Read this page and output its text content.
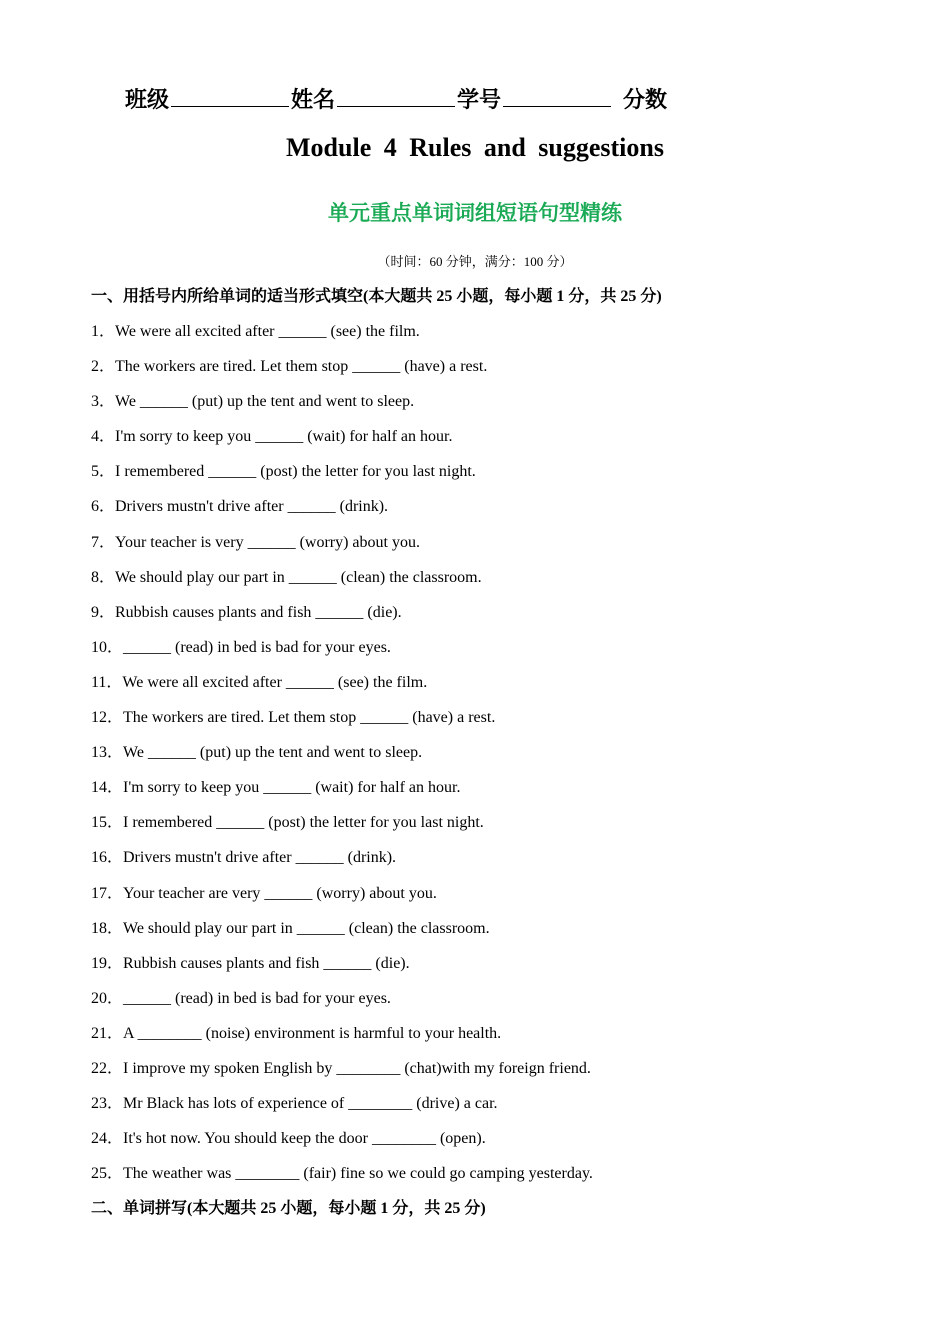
班级	姓名	学号	分数
Module 4 Rules and suggestions
单元重点单词词组短语句型精练
（时间：60 分钟，满分：100 分）
一、用括号内所给单词的适当形式填空(本大题共 25 小题，每小题 1 分，共 25 分)
1．We were all excited after ______ (see) the film.
2．The workers are tired. Let them stop ______ (have) a rest.
3．We ______ (put) up the tent and went to sleep.
4．I'm sorry to keep you ______ (wait) for half an hour.
5．I remembered ______ (post) the letter for you last night.
6．Drivers mustn't drive after ______ (drink).
7．Your teacher is very ______ (worry) about you.
8．We should play our part in ______ (clean) the classroom.
9．Rubbish causes plants and fish ______ (die).
10．______ (read) in bed is bad for your eyes.
11．We were all excited after ______ (see) the film.
12．The workers are tired. Let them stop ______ (have) a rest.
13．We ______ (put) up the tent and went to sleep.
14．I'm sorry to keep you ______ (wait) for half an hour.
15．I remembered ______ (post) the letter for you last night.
16．Drivers mustn't drive after ______ (drink).
17．Your teacher are very ______ (worry) about you.
18．We should play our part in ______ (clean) the classroom.
19．Rubbish causes plants and fish ______ (die).
20．______ (read) in bed is bad for your eyes.
21．A ________ (noise) environment is harmful to your health.
22．I improve my spoken English by ________ (chat)with my foreign friend.
23．Mr Black has lots of experience of ________ (drive) a car.
24．It's hot now. You should keep the door ________ (open).
25．The weather was ________ (fair) fine so we could go camping yesterday.
二、单词拼写(本大题共 25 小题，每小题 1 分，共 25 分)
